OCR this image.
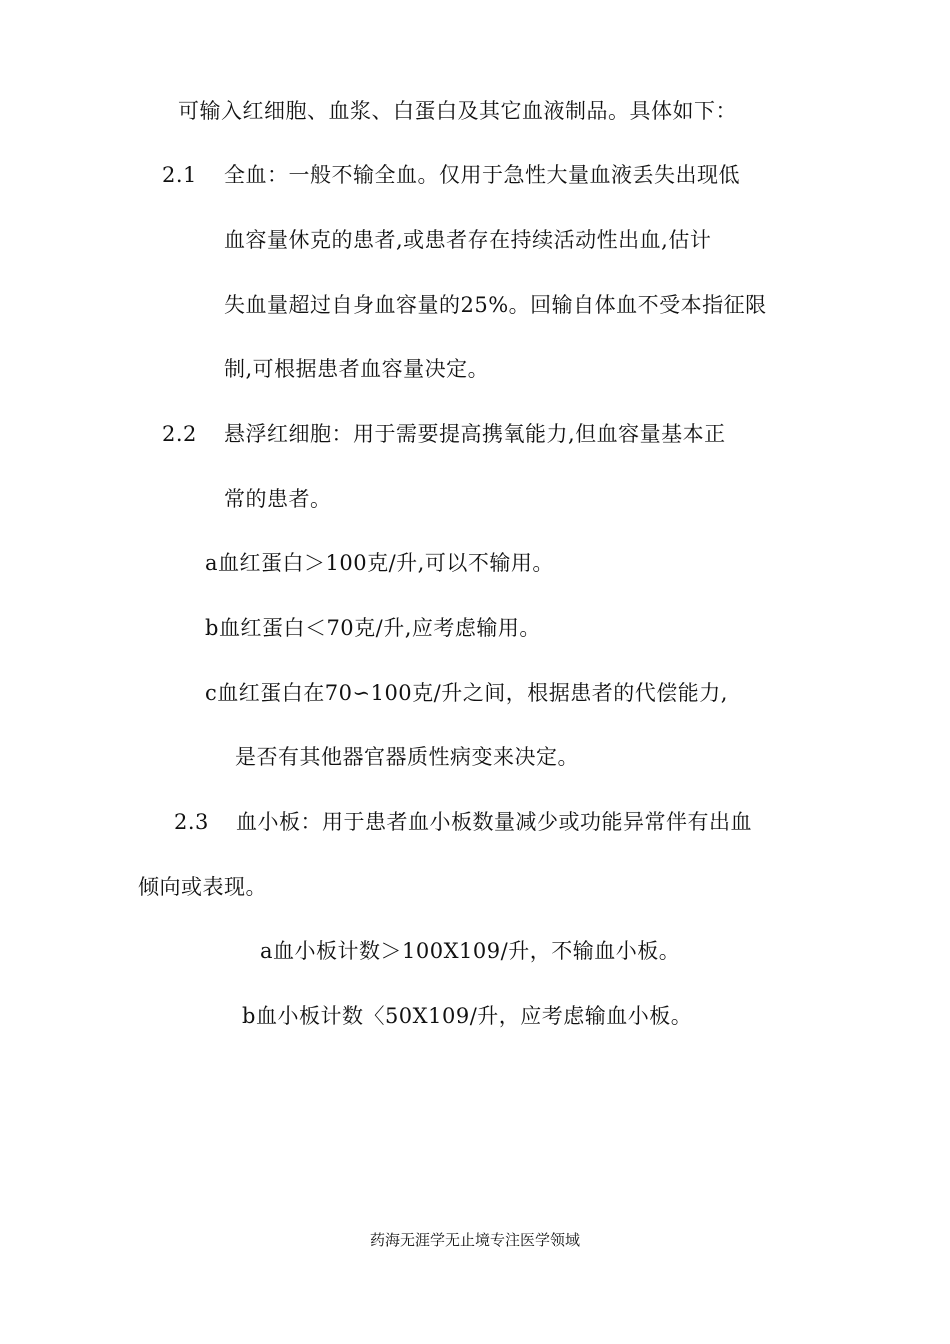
可输入红细胞、血浆、白蛋白及其它血液制品。具体如下：
2.1 全血：一般不输全血。仅用于急性大量血液丢失出现低
血容量休克的患者,或患者存在持续活动性出血,估计
失血量超过自身血容量的25%。回输自体血不受本指征限
制,可根据患者血容量决定。
2.2 悬浮红细胞：用于需要提高携氧能力,但血容量基本正
常的患者。
a血红蛋白＞100克/升,可以不输用。
b血红蛋白＜70克/升,应考虑输用。
c血红蛋白在70∽100克/升之间，根据患者的代偿能力,
是否有其他器官器质性病变来决定。
2.3 血小板：用于患者血小板数量减少或功能异常伴有出血
倾向或表现。
a血小板计数＞100X109/升，不输血小板。
b血小板计数〈50X109/升，应考虑输血小板。
药海无涯学无止境专注医学领域
